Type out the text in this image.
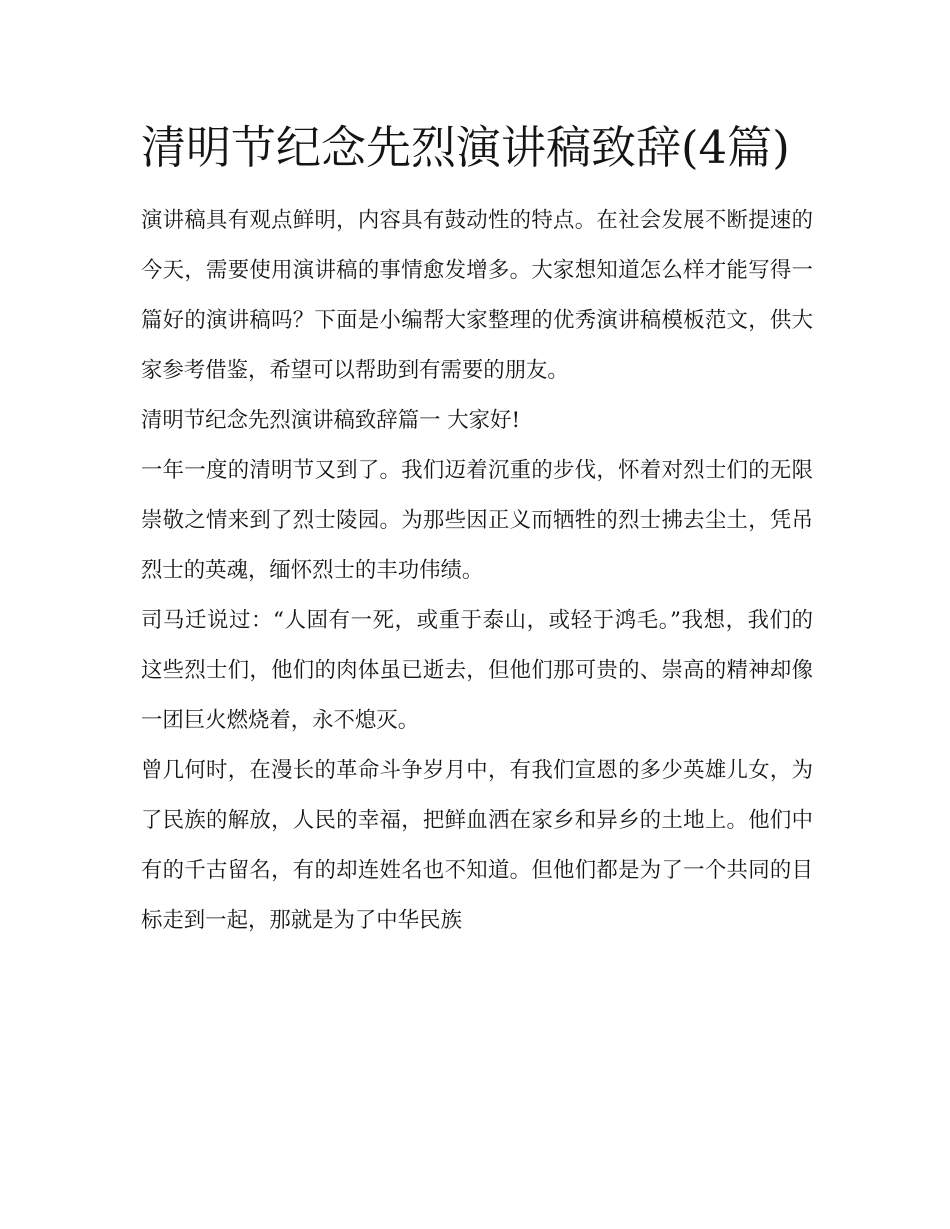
清明节纪念先烈演讲稿致辞(4篇)

演讲稿具有观点鲜明，内容具有鼓动性的特点。在社会发展不断提速的今天，需要使用演讲稿的事情愈发增多。大家想知道怎么样才能写得一篇好的演讲稿吗？下面是小编帮大家整理的优秀演讲稿模板范文，供大家参考借鉴，希望可以帮助到有需要的朋友。

清明节纪念先烈演讲稿致辞篇一 大家好!

一年一度的清明节又到了。我们迈着沉重的步伐，怀着对烈士们的无限崇敬之情来到了烈士陵园。为那些因正义而牺牲的烈士拂去尘土，凭吊烈士的英魂，缅怀烈士的丰功伟绩。

司马迁说过：“人固有一死，或重于泰山，或轻于鸿毛。”我想，我们的这些烈士们，他们的肉体虽已逝去，但他们那可贵的、崇高的精神却像一团巨火燃烧着，永不熄灭。

曾几何时，在漫长的革命斗争岁月中，有我们宣恩的多少英雄儿女，为了民族的解放，人民的幸福，把鲜血洒在家乡和异乡的土地上。他们中有的千古留名，有的却连姓名也不知道。但他们都是为了一个共同的目标走到一起，那就是为了中华民族
